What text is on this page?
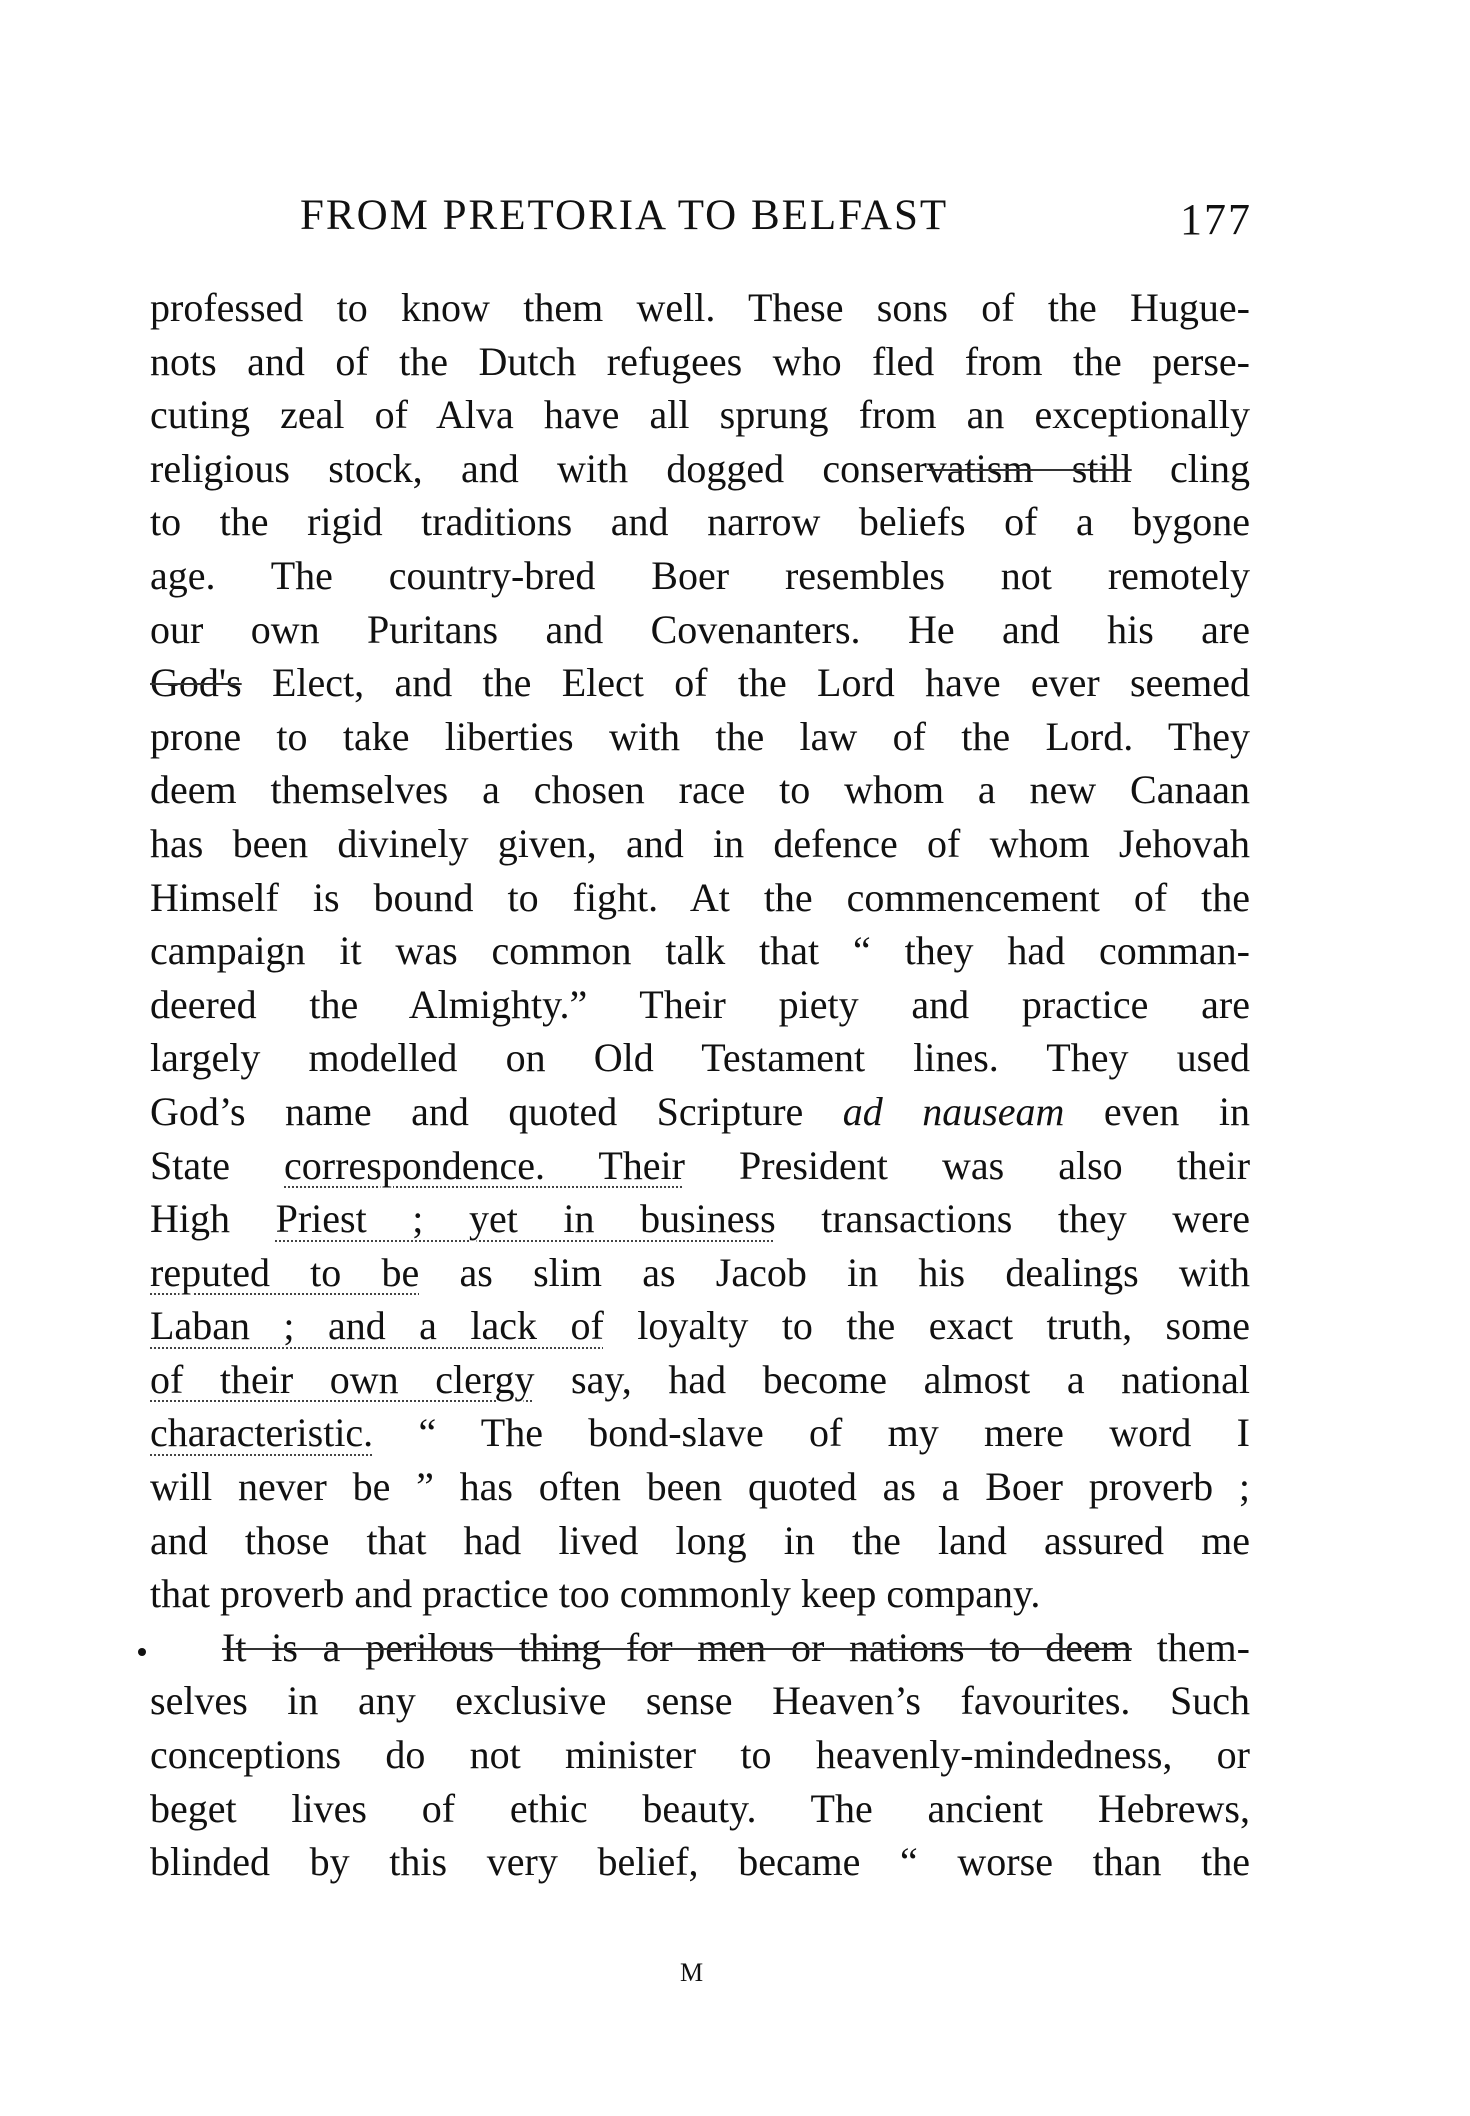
FROM PRETORIA TO BELFAST	177
professed to know them well. These sons of the Hugue-
nots and of the Dutch refugees who fled from the perse-
cuting zeal of Alva have all sprung from an exceptionally
religious stock, and with dogged conservatism still cling
to the rigid traditions and narrow beliefs of a bygone
age. The country-bred Boer resembles not remotely
our own Puritans and Covenanters. He and his are
God's Elect, and the Elect of the Lord have ever seemed
prone to take liberties with the law of the Lord. They
deem themselves a chosen race to whom a new Canaan
has been divinely given, and in defence of whom Jehovah
Himself is bound to fight. At the commencement of the
campaign it was common talk that “ they had comman-
deered the Almighty.” Their piety and practice are
largely modelled on Old Testament lines. They used
God’s name and quoted Scripture ad nauseam even in
State correspondence. Their President was also their
High Priest ; yet in business transactions they were
reputed to be as slim as Jacob in his dealings with
Laban ; and a lack of loyalty to the exact truth, some
of their own clergy say, had become almost a national
characteristic. “ The bond-slave of my mere word I
will never be ” has often been quoted as a Boer proverb ;
and those that had lived long in the land assured me
that proverb and practice too commonly keep company.
It is a perilous thing for men or nations to deem them-
selves in any exclusive sense Heaven’s favourites. Such
conceptions do not minister to heavenly-mindedness, or
beget lives of ethic beauty. The ancient Hebrews,
blinded by this very belief, became “ worse than the
M
